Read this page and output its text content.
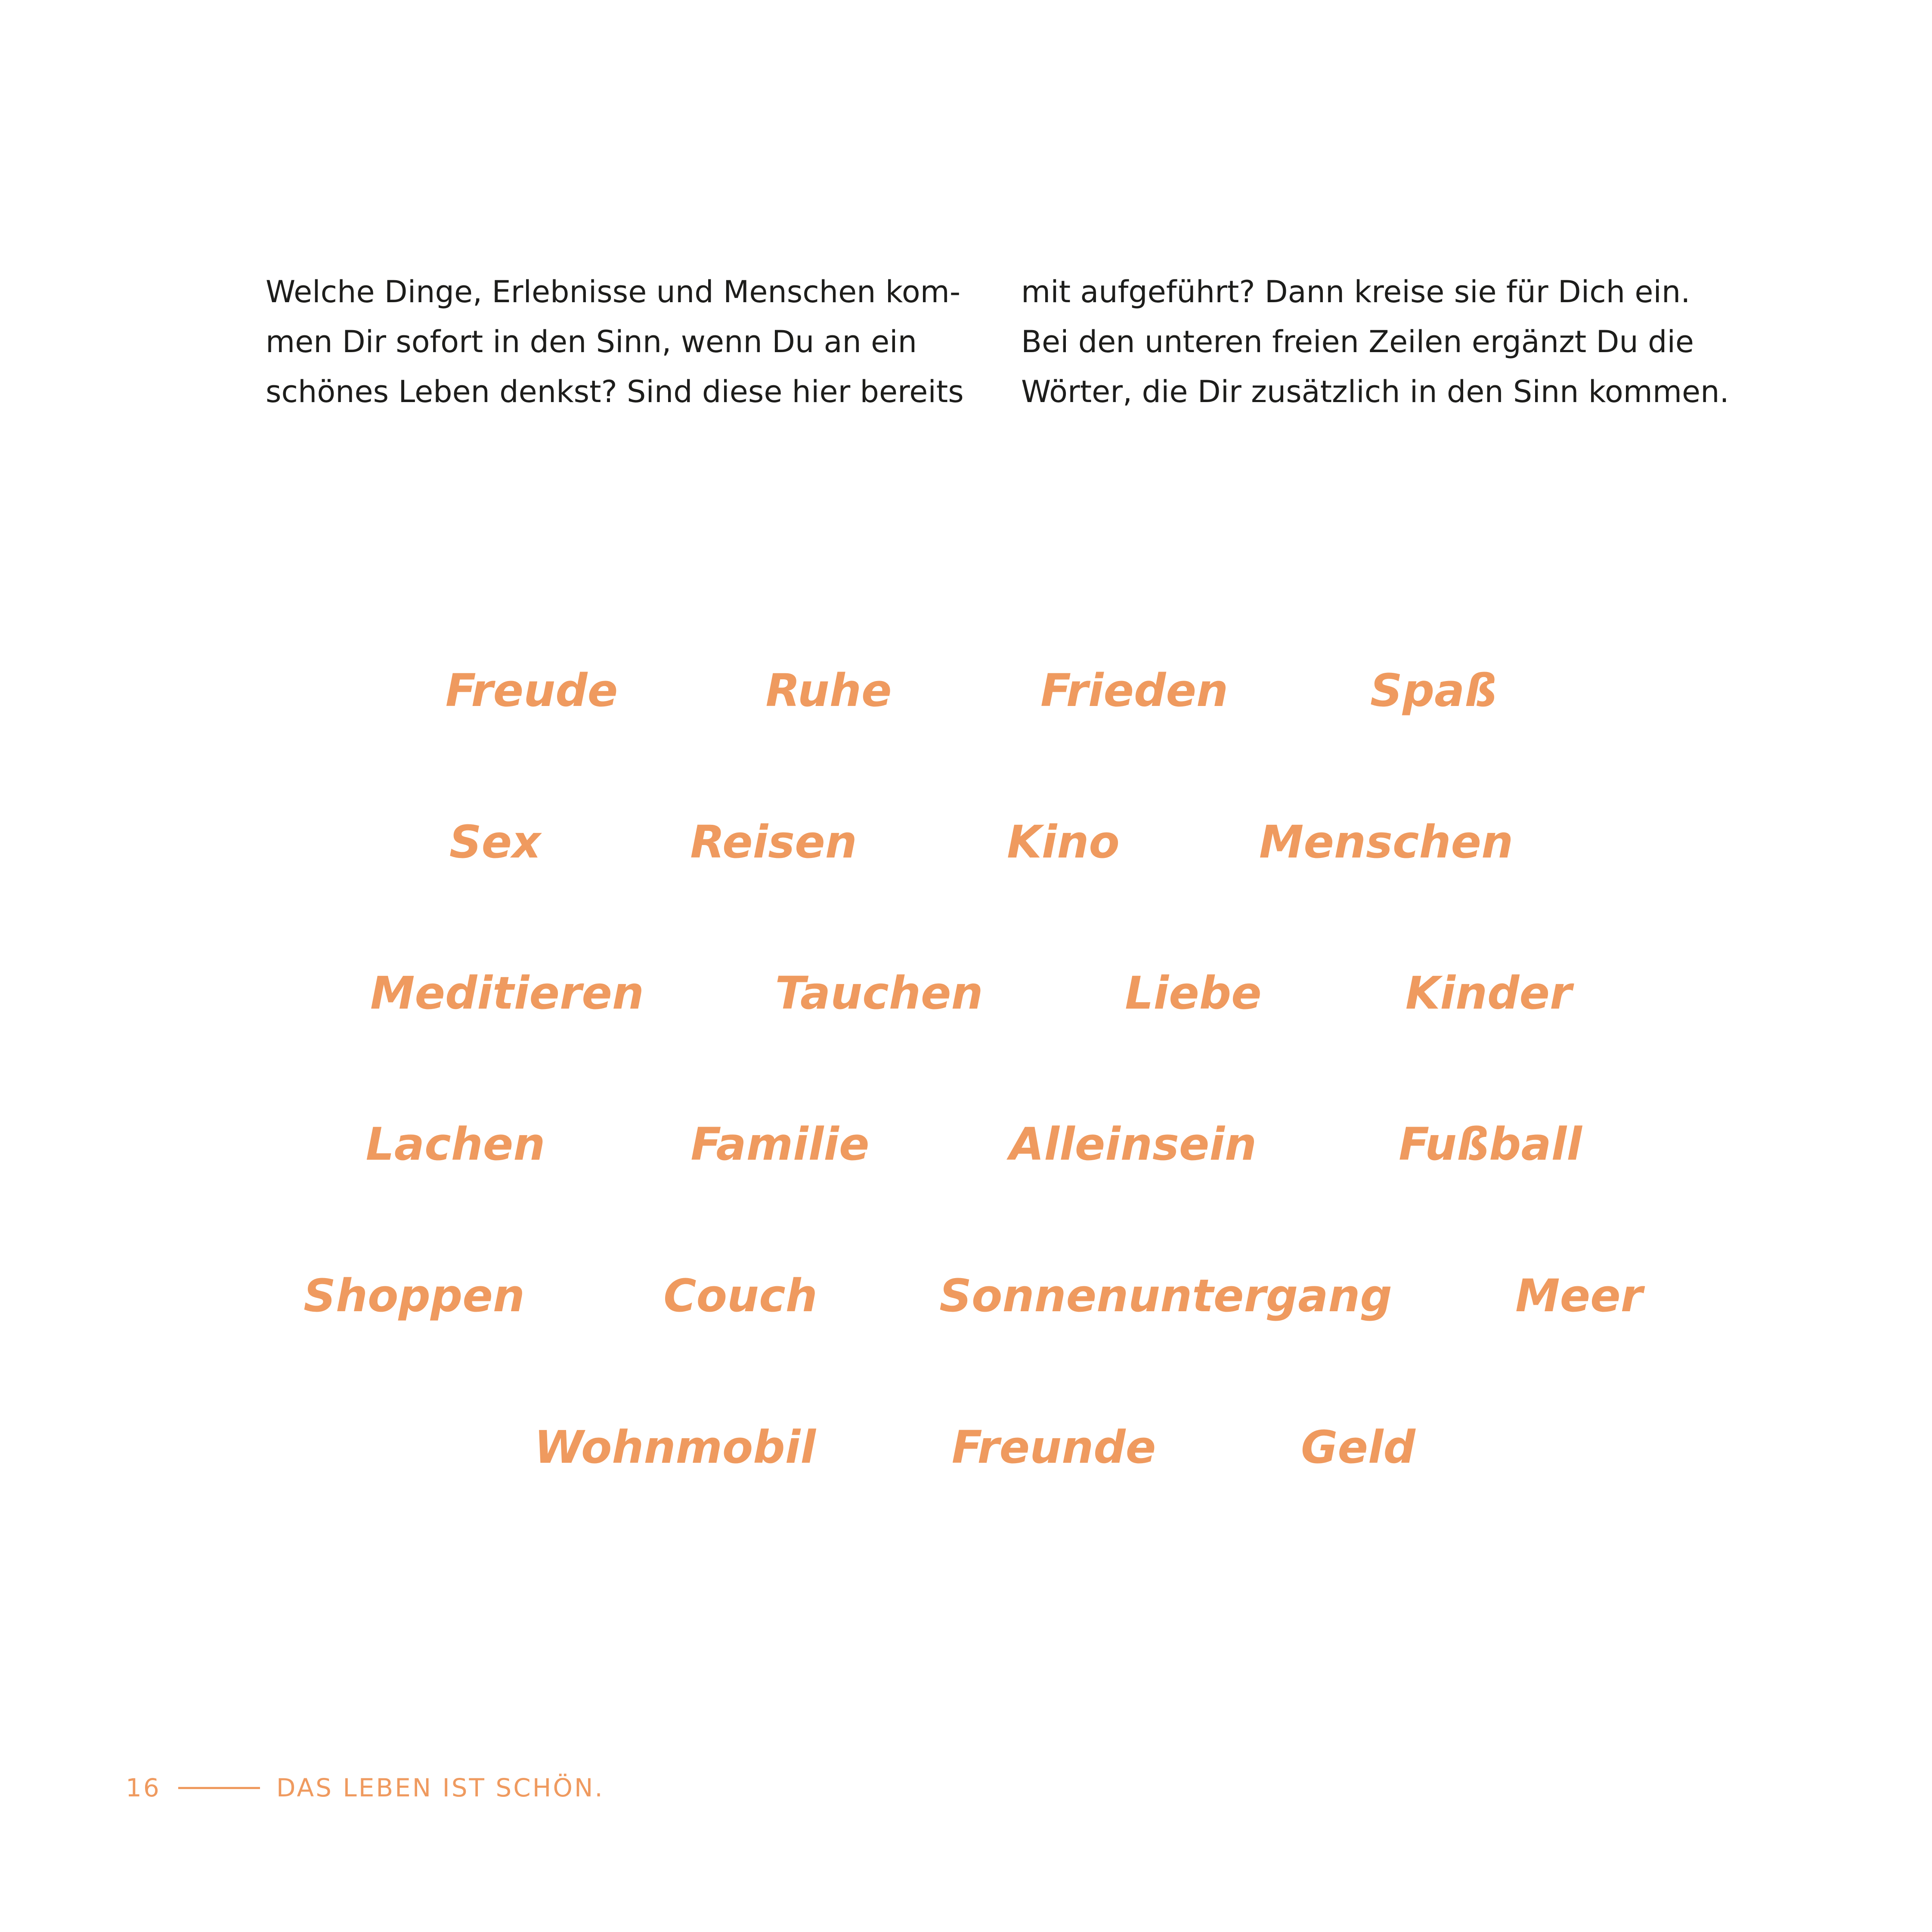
Welche Dinge, Erlebnisse und Menschen kom-
men Dir sofort in den Sinn, wenn Du an ein
schönes Leben denkst? Sind diese hier bereits

mit aufgeführt? Dann kreise sie für Dich ein.
Bei den unteren freien Zeilen ergänzt Du die
Wörter, die Dir zusätzlich in den Sinn kommen.

Freude	Ruhe	Frieden	Spaß
Sex	Reisen	Kino	Menschen
Meditieren	Tauchen	Liebe	Kinder
Lachen	Familie	Alleinsein	Fußball
Shoppen	Couch	Sonnenuntergang	Meer
Wohnmobil	Freunde	Geld
16	DAS LEBEN IST SCHÖN.
